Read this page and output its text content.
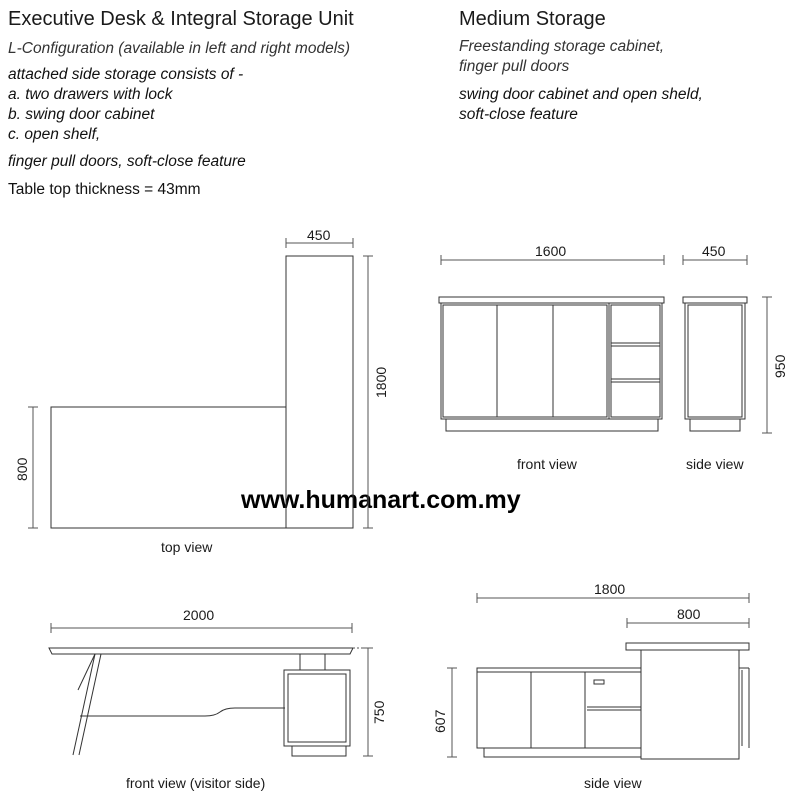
Executive Desk & Integral Storage Unit
L-Configuration (available in left and right models)
attached side storage consists of -
a. two drawers with lock
b. swing door cabinet
c. open shelf,
finger pull doors, soft-close feature
Table top thickness = 43mm
Medium Storage
Freestanding storage cabinet,
finger pull doors
swing door cabinet and open sheld,
soft-close feature
www.humanart.com.my
450
1800
800
top view
1600
front view
450
950
side view
2000
750
front view (visitor side)
1800
800
607
side view
